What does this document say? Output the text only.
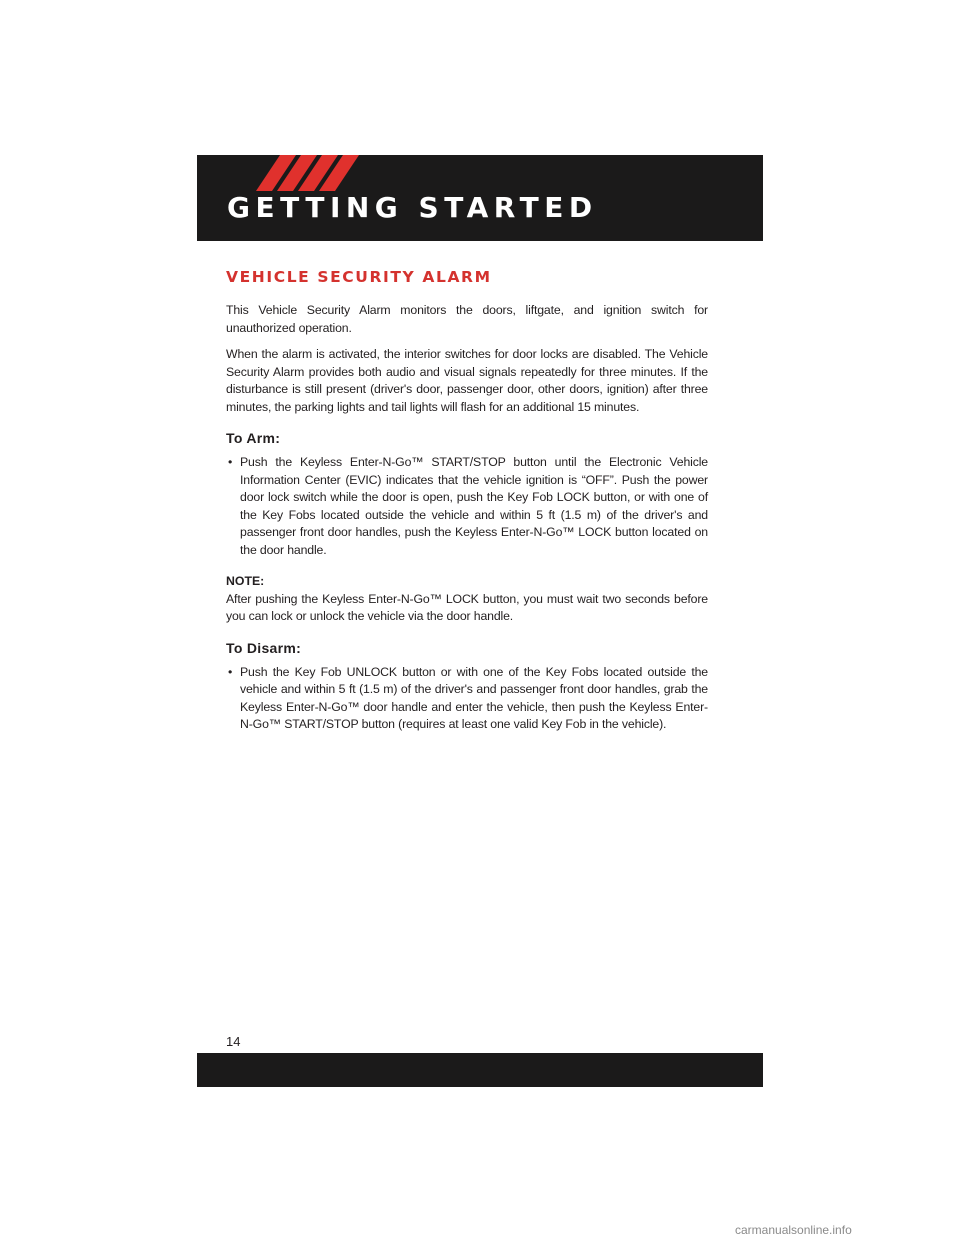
GETTING STARTED
VEHICLE SECURITY ALARM

This Vehicle Security Alarm monitors the doors, liftgate, and ignition switch for unauthorized operation.

When the alarm is activated, the interior switches for door locks are disabled. The Vehicle Security Alarm provides both audio and visual signals repeatedly for three minutes. If the disturbance is still present (driver's door, passenger door, other doors, ignition) after three minutes, the parking lights and tail lights will flash for an additional 15 minutes.

To Arm:
• Push the Keyless Enter-N-Go™ START/STOP button until the Electronic Vehicle Information Center (EVIC) indicates that the vehicle ignition is “OFF”. Push the power door lock switch while the door is open, push the Key Fob LOCK button, or with one of the Key Fobs located outside the vehicle and within 5 ft (1.5 m) of the driver's and passenger front door handles, push the Keyless Enter-N-Go™ LOCK button located on the door handle.

NOTE:

After pushing the Keyless Enter-N-Go™ LOCK button, you must wait two seconds before you can lock or unlock the vehicle via the door handle.

To Disarm:
• Push the Key Fob UNLOCK button or with one of the Key Fobs located outside the vehicle and within 5 ft (1.5 m) of the driver's and passenger front door handles, grab the Keyless Enter-N-Go™ door handle and enter the vehicle, then push the Keyless Enter-N-Go™ START/STOP button (requires at least one valid Key Fob in the vehicle).
14
carmanualsonline.info
